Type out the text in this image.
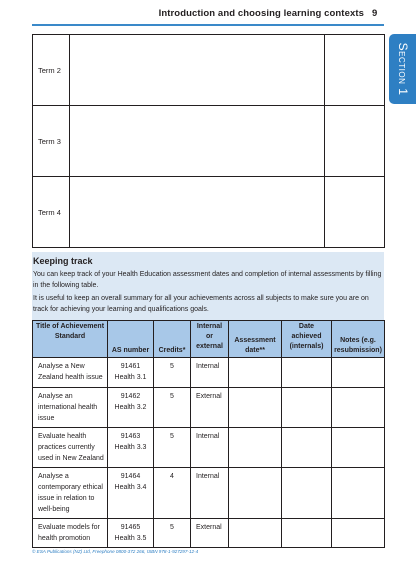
Introduction and choosing learning contexts 9
Section 1
Term 2		
Term 3		
Term 4		
Keeping track

You can keep track of your Health Education assessment dates and completion of internal assessments by filling in the following table.

It is useful to keep an overall summary for all your achievements across all subjects to make sure you are on track for achieving your learning and qualifications goals.

Title of Achievement Standard	AS number	Credits*	Internal or external	Assessment date**	Date achieved (internals)	Notes (e.g. resubmission)
Analyse a New Zealand health issue	91461 Health 3.1	5	Internal			
Analyse an international health issue	91462 Health 3.2	5	External			
Evaluate health practices currently used in New Zealand	91463 Health 3.3	5	Internal			
Analyse a contemporary ethical issue in relation to well-being	91464 Health 3.4	4	Internal			
Evaluate models for health promotion	91465 Health 3.5	5	External			
© ESA Publications (NZ) Ltd, Freephone 0800-372 266, ISBN 978-1-927297-12-4
